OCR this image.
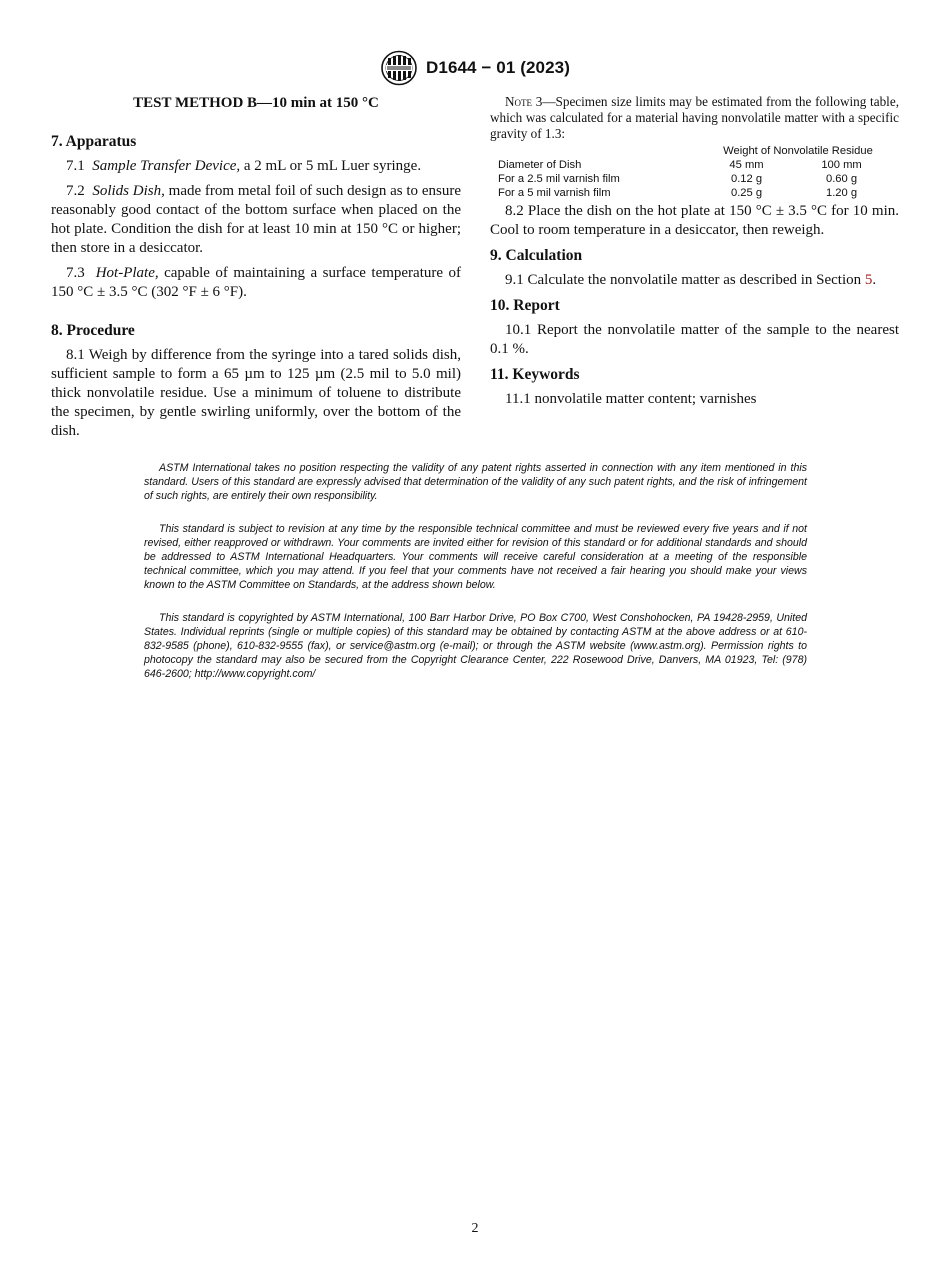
D1644 − 01 (2023)

TEST METHOD B—10 min at 150 °C

7. Apparatus

7.1 Sample Transfer Device, a 2 mL or 5 mL Luer syringe.

7.2 Solids Dish, made from metal foil of such design as to ensure reasonably good contact of the bottom surface when placed on the hot plate. Condition the dish for at least 10 min at 150 °C or higher; then store in a desiccator.

7.3 Hot-Plate, capable of maintaining a surface temperature of 150 °C ± 3.5 °C (302 °F ± 6 °F).

8. Procedure

8.1 Weigh by difference from the syringe into a tared solids dish, sufficient sample to form a 65 µm to 125 µm (2.5 mil to 5.0 mil) thick nonvolatile residue. Use a minimum of toluene to distribute the specimen, by gentle swirling uniformly, over the bottom of the dish.

Note 3—Specimen size limits may be estimated from the following table, which was calculated for a material having nonvolatile matter with a specific gravity of 1.3:

	Weight of Nonvolatile Residue	
Diameter of Dish	45 mm	100 mm
For a 2.5 mil varnish film	0.12 g	0.60 g
For a 5 mil varnish film	0.25 g	1.20 g

8.2 Place the dish on the hot plate at 150 °C ± 3.5 °C for 10 min. Cool to room temperature in a desiccator, then reweigh.

9. Calculation

9.1 Calculate the nonvolatile matter as described in Section 5.

10. Report

10.1 Report the nonvolatile matter of the sample to the nearest 0.1 %.

11. Keywords

11.1 nonvolatile matter content; varnishes

ASTM International takes no position respecting the validity of any patent rights asserted in connection with any item mentioned in this standard. Users of this standard are expressly advised that determination of the validity of any such patent rights, and the risk of infringement of such rights, are entirely their own responsibility.

This standard is subject to revision at any time by the responsible technical committee and must be reviewed every five years and if not revised, either reapproved or withdrawn. Your comments are invited either for revision of this standard or for additional standards and should be addressed to ASTM International Headquarters. Your comments will receive careful consideration at a meeting of the responsible technical committee, which you may attend. If you feel that your comments have not received a fair hearing you should make your views known to the ASTM Committee on Standards, at the address shown below.

This standard is copyrighted by ASTM International, 100 Barr Harbor Drive, PO Box C700, West Conshohocken, PA 19428-2959, United States. Individual reprints (single or multiple copies) of this standard may be obtained by contacting ASTM at the above address or at 610-832-9585 (phone), 610-832-9555 (fax), or service@astm.org (e-mail); or through the ASTM website (www.astm.org). Permission rights to photocopy the standard may also be secured from the Copyright Clearance Center, 222 Rosewood Drive, Danvers, MA 01923, Tel: (978) 646-2600; http://www.copyright.com/

2
